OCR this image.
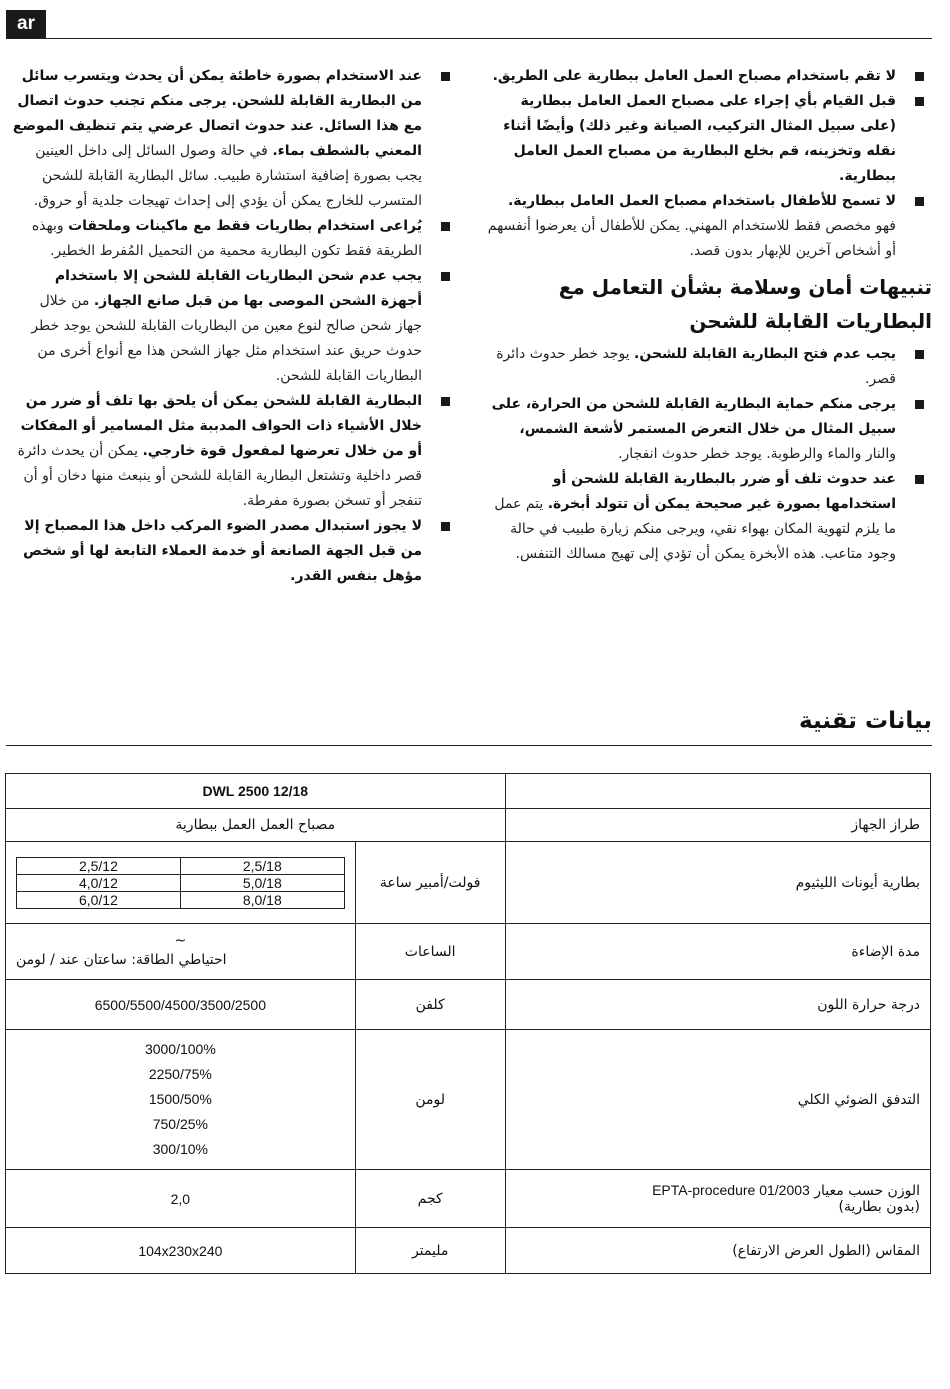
ar
لا تقم باستخدام مصباح العمل العامل ببطارية على الطريق.
قبل القيام بأي إجراء على مصباح العمل العامل ببطارية (على سبيل المثال التركيب، الصيانة وغير ذلك) وأيضًا أثناء نقله وتخزينه، قم بخلع البطارية من مصباح العمل العامل ببطارية.
لا تسمح للأطفال باستخدام مصباح العمل العامل ببطارية. فهو مخصص فقط للاستخدام المهني. يمكن للأطفال أن يعرضوا أنفسهم أو أشخاص آخرين للإبهار بدون قصد.
تنبيهات أمان وسلامة بشأن التعامل مع البطاريات القابلة للشحن
يجب عدم فتح البطارية القابلة للشحن. يوجد خطر حدوث دائرة قصر.
يرجى منكم حماية البطارية القابلة للشحن من الحرارة، على سبيل المثال من خلال التعرض المستمر لأشعة الشمس، والنار والماء والرطوبة. يوجد خطر حدوث انفجار.
عند حدوث تلف أو ضرر بالبطارية القابلة للشحن أو استخدامها بصورة غير صحيحة يمكن أن تتولد أبخرة. يتم عمل ما يلزم لتهوية المكان بهواء نقي، ويرجى منكم زيارة طبيب في حالة وجود متاعب. هذه الأبخرة يمكن أن تؤدي إلى تهيج مسالك التنفس.
عند الاستخدام بصورة خاطئة يمكن أن يحدث ويتسرب سائل من البطارية القابلة للشحن. يرجى منكم تجنب حدوث اتصال مع هذا السائل. عند حدوث اتصال عرضي يتم تنظيف الموضع المعني بالشطف بماء. في حالة وصول السائل إلى داخل العينين يجب بصورة إضافية استشارة طبيب. سائل البطارية القابلة للشحن المتسرب للخارج يمكن أن يؤدي إلى إحداث تهيجات جلدية أو حروق.
يُراعى استخدام بطاريات فقط مع ماكينات وملحقات وبهذه الطريقة فقط تكون البطارية محمية من التحميل المُفرط الخطير.
يجب عدم شحن البطاريات القابلة للشحن إلا باستخدام أجهزة الشحن الموصى بها من قبل صانع الجهاز. من خلال جهاز شحن صالح لنوع معين من البطاريات القابلة للشحن يوجد خطر حدوث حريق عند استخدام مثل جهاز الشحن هذا مع أنواع أخرى من البطاريات القابلة للشحن.
البطارية القابلة للشحن يمكن أن يلحق بها تلف أو ضرر من خلال الأشياء ذات الحواف المدببة مثل المسامير أو المفكات أو من خلال تعرضها لمفعول قوة خارجي. يمكن أن يحدث دائرة قصر داخلية وتشتعل البطارية القابلة للشحن أو ينبعث منها دخان أو أن تنفجر أو تسخن بصورة مفرطة.
لا يجوز استبدال مصدر الضوء المركب داخل هذا المصباح إلا من قبل الجهة الصانعة أو خدمة العملاء التابعة لها أو شخص مؤهل بنفس القدر.
بيانات تقنية
DWL 2500 12/18	
مصباح العمل العمل ببطارية	طراز الجهاز

2,5/12	2,5/18
4,0/12	5,0/18
6,0/12	8,0/18
	فولت/أمبير ساعة	بطارية أيونات الليثيوم

~
احتياطي الطاقة: ساعتان عند / لومن	الساعات	مدة الإضاءة
6500/5500/4500/3500/2500	كلفن	درجة حرارة اللون

3000/100%
2250/75%
1500/50%
750/25%
300/10%
	لومن	التدفق الضوئي الكلي
2,0	كجم	الوزن حسب معيار EPTA-procedure 01/2003
(بدون بطارية)

104x230x240	مليمتر	المقاس (الطول العرض الارتفاع)
